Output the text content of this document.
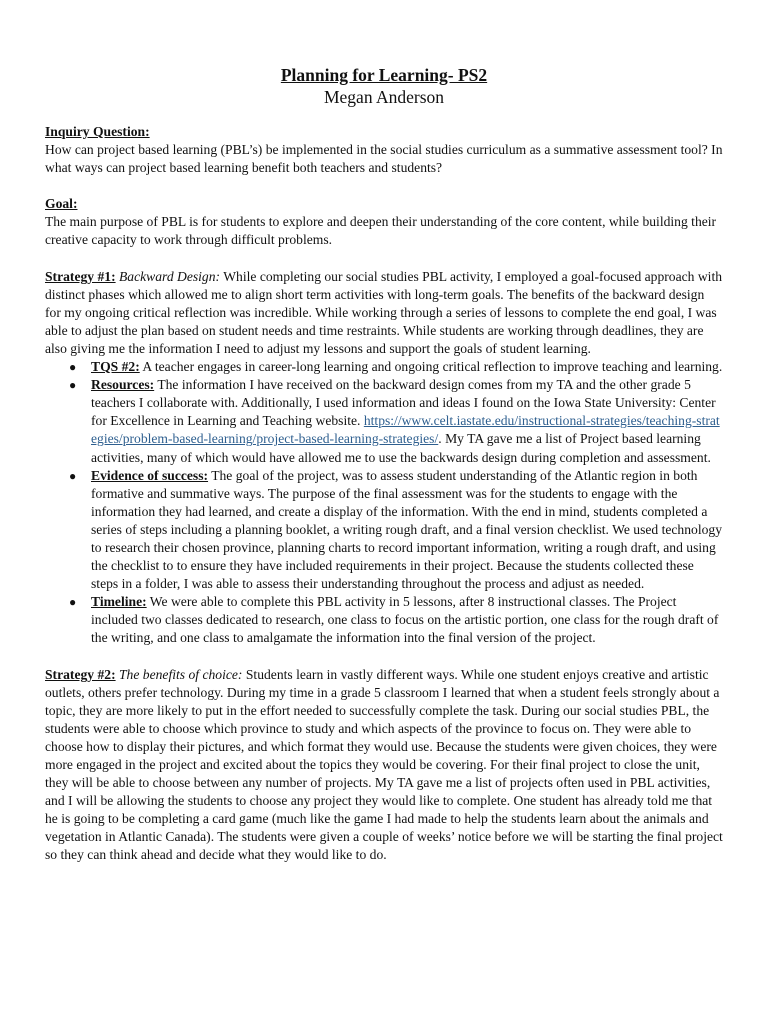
Planning for Learning- PS2

Megan Anderson

Inquiry Question:

How can project based learning (PBL’s) be implemented in the social studies curriculum as a summative assessment tool? In what ways can project based learning benefit both teachers and students?

Goal:

The main purpose of PBL is for students to explore and deepen their understanding of the core content, while building their creative capacity to work through difficult problems.

Strategy #1: Backward Design: While completing our social studies PBL activity, I employed a goal-focused approach with distinct phases which allowed me to align short term activities with long-term goals. The benefits of the backward design for my ongoing critical reflection was incredible. While working through a series of lessons to complete the end goal, I was able to adjust the plan based on student needs and time restraints. While students are working through deadlines, they are also giving me the information I need to adjust my lessons and support the goals of student learning.

● TQS #2: A teacher engages in career-long learning and ongoing critical reflection to improve teaching and learning.
● Resources: The information I have received on the backward design comes from my TA and the other grade 5 teachers I collaborate with. Additionally, I used information and ideas I found on the Iowa State University: Center for Excellence in Learning and Teaching website. https://www.celt.iastate.edu/instructional-strategies/teaching-strategies/problem-based-learning/project-based-learning-strategies/. My TA gave me a list of Project based learning activities, many of which would have allowed me to use the backwards design during completion and assessment.
● Evidence of success: The goal of the project, was to assess student understanding of the Atlantic region in both formative and summative ways. The purpose of the final assessment was for the students to engage with the information they had learned, and create a display of the information. With the end in mind, students completed a series of steps including a planning booklet, a writing rough draft, and a final version checklist. We used technology to research their chosen province, planning charts to record important information, writing a rough draft, and using the checklist to to ensure they have included requirements in their project. Because the students collected these steps in a folder, I was able to assess their understanding throughout the process and adjust as needed.
● Timeline: We were able to complete this PBL activity in 5 lessons, after 8 instructional classes. The Project included two classes dedicated to research, one class to focus on the artistic portion, one class for the rough draft of the writing, and one class to amalgamate the information into the final version of the project.

Strategy #2: The benefits of choice: Students learn in vastly different ways. While one student enjoys creative and artistic outlets, others prefer technology. During my time in a grade 5 classroom I learned that when a student feels strongly about a topic, they are more likely to put in the effort needed to successfully complete the task. During our social studies PBL, the students were able to choose which province to study and which aspects of the province to focus on. They were able to choose how to display their pictures, and which format they would use. Because the students were given choices, they were more engaged in the project and excited about the topics they would be covering. For their final project to close the unit, they will be able to choose between any number of projects. My TA gave me a list of projects often used in PBL activities, and I will be allowing the students to choose any project they would like to complete. One student has already told me that he is going to be completing a card game (much like the game I had made to help the students learn about the animals and vegetation in Atlantic Canada). The students were given a couple of weeks’ notice before we will be starting the final project so they can think ahead and decide what they would like to do.
